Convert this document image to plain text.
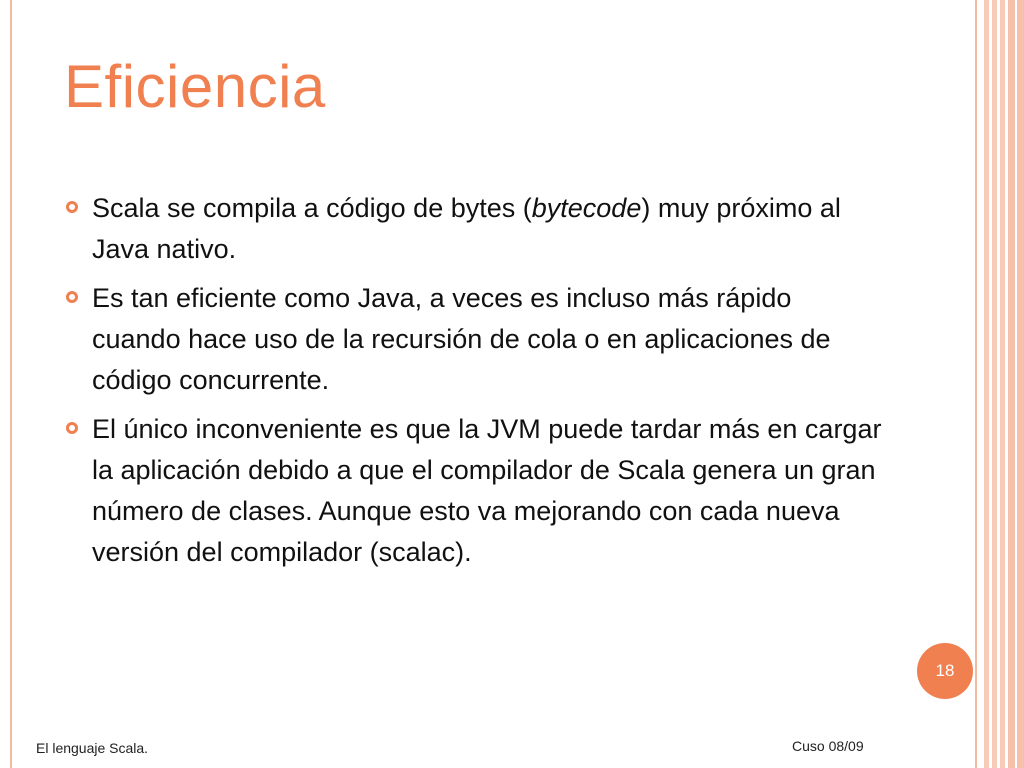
Eficiencia
Scala se compila a código de bytes (bytecode) muy próximo al Java nativo.
Es tan eficiente como Java, a veces es incluso más rápido cuando hace uso de la recursión de cola o en aplicaciones de código concurrente.
El único inconveniente es que la JVM puede tardar más en cargar la aplicación debido a que el compilador de Scala genera un gran número de clases. Aunque esto va mejorando con cada nueva versión del compilador (scalac).
18
El lenguaje Scala.	Cuso 08/09
